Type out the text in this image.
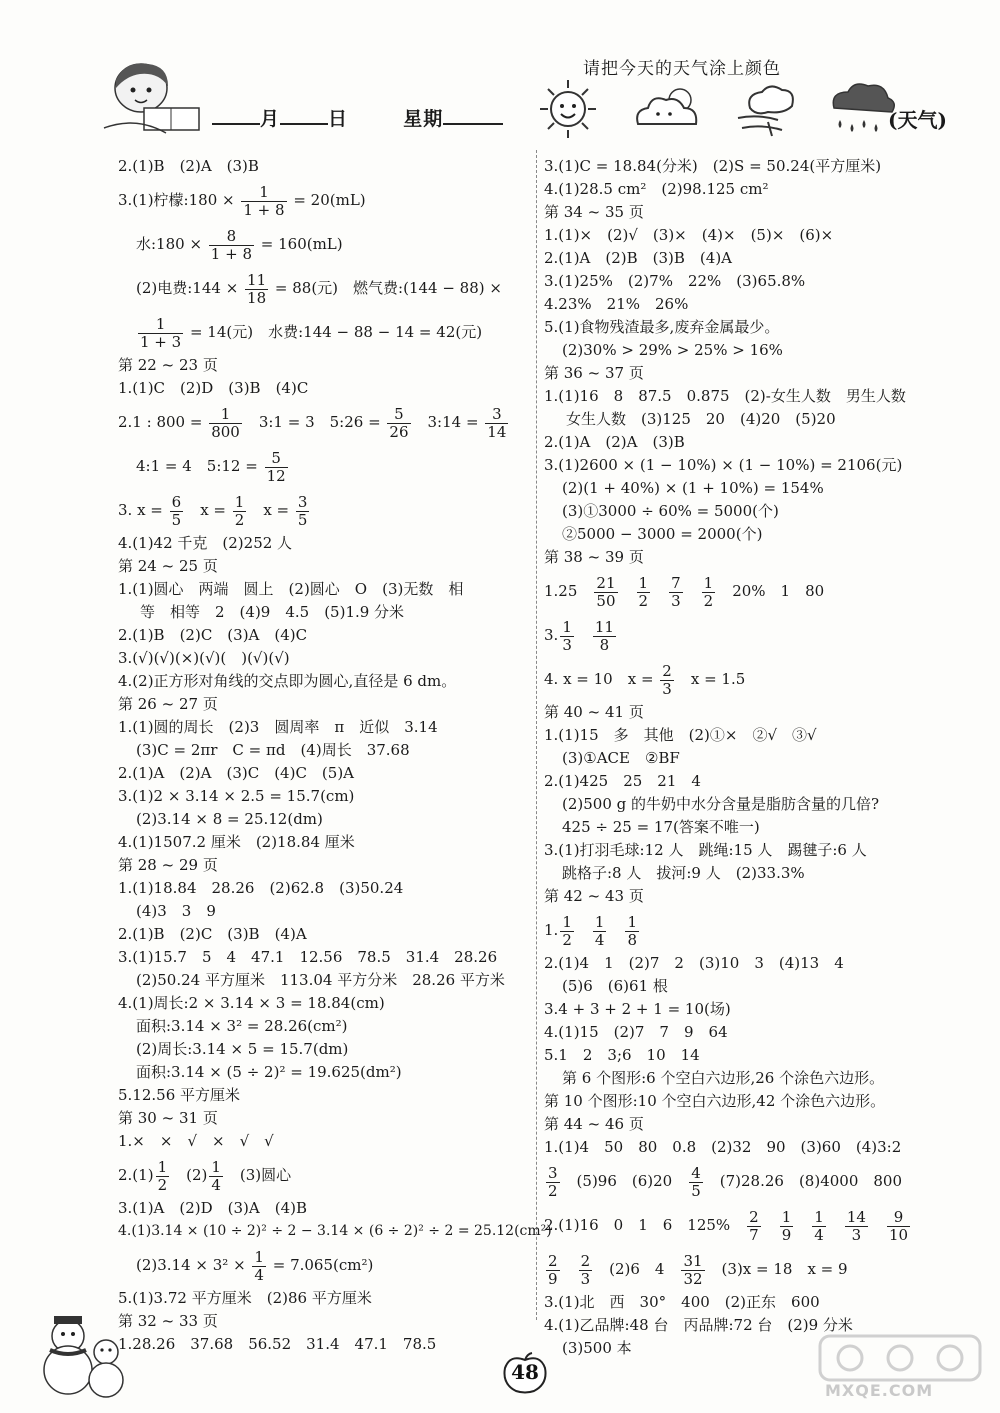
请把今天的天气涂上颜色
月	日	星期	(天气)
2.(1)B　(2)A　(3)B
3.(1)柠檬:180 × $\frac{1}{1 + 8} = 20(mL)$
水:180 × $\frac{8}{1 + 8} = 160(mL)$
(2)电费:144 × $\frac{11}{18} = 88$(元)　燃气费:(144 − 88) ×
$\frac{1}{1 + 3} = 14$(元)　水费:144 − 88 − 14 = 42(元)
第 22 ~ 23 页
1.(1)C　(2)D　(3)B　(4)C
2.1 : $800 = \frac{1}{800}$ 　3:1 = 3　5:26 = $\frac{5}{26}$ 　3:14 = $\frac{3}{14}$
4:1 = 4　5:12 = $\frac{5}{12}$
3. $x = \frac{6}{5}$ 　$x = \frac{1}{2}$ 　$x = \frac{3}{5}$
4.(1)42 千克　(2)252 人
第 24 ~ 25 页
1.(1)圆心　两端　圆上　(2)圆心　O　(3)无数　相
等　相等　2　(4)9　4.5　(5)1.9 分米
2.(1)B　(2)C　(3)A　(4)C
3.(√)(√)(×)(√)(　)(√)(√)
4.(2)正方形对角线的交点即为圆心,直径是 6 dm。
第 26 ~ 27 页
1.(1)圆的周长　(2)3　圆周率　π　近似　3.14
(3)C = 2πr　C = πd　(4)周长　37.68
2.(1)A　(2)A　(3)C　(4)C　(5)A
3.(1)2 × 3.14 × 2.5 = 15.7(cm)
(2)3.14 × 8 = 25.12(dm)
4.(1)1507.2 厘米　(2)18.84 厘米
第 28 ~ 29 页
1.(1)18.84　28.26　(2)62.8　(3)50.24
(4)3　3　9
2.(1)B　(2)C　(3)B　(4)A
3.(1)15.7　5　4　47.1　12.56　78.5　31.4　28.26
(2)50.24 平方厘米　113.04 平方分米　28.26 平方米
4.(1)周长:2 × 3.14 × 3 = 18.84(cm)
面积:3.14 × 3² = 28.26(cm²)
(2)周长:3.14 × 5 = 15.7(dm)
面积:3.14 × (5 ÷ 2)² = 19.625(dm²)
5.12.56 平方厘米
第 30 ~ 31 页
1.×　×　√　×　√　√
$2.(1) \frac{1}{2}$ 　$(2) \frac{1}{4}$ 　(3)圆心
3.(1)A　(2)D　(3)A　(4)B
4.(1)3.14 × (10 ÷ 2)² ÷ 2 − 3.14 × (6 ÷ 2)² ÷ 2 = 25.12(cm²)
$(2)3.14 \times 3^2 \times \frac{1}{4} = 7.065(cm^2)$
5.(1)3.72 平方厘米　(2)86 平方厘米
第 32 ~ 33 页
1.28.26　37.68　56.52　31.4　47.1　78.5
3.(1)C = 18.84(分米)　(2)S = 50.24(平方厘米)
4.(1)28.5 cm²　(2)98.125 cm²
第 34 ~ 35 页
1.(1)×　(2)√　(3)×　(4)×　(5)×　(6)×
2.(1)A　(2)B　(3)B　(4)A
3.(1)25%　(2)7%　22%　(3)65.8%
4.23%　21%　26%
5.(1)食物残渣最多,废弃金属最少。
(2)30% > 29% > 25% > 16%
第 36 ~ 37 页
1.(1)16　8　87.5　0.875　(2)-女生人数　男生人数
女生人数　(3)125　20　(4)20　(5)20
2.(1)A　(2)A　(3)B
3.(1)2600 × (1 − 10%) × (1 − 10%) = 2106(元)
(2)(1 + 40%) × (1 + 10%) = 154%
(3)①3000 ÷ 60% = 5000(个)
②5000 − 3000 = 2000(个)
第 38 ~ 39 页
1.25　 $\frac{21}{50}$
　 $\frac{1}{2}$
　 $\frac{7}{3}$
　 $\frac{1}{2}$ 　20%　1　80
3. $\frac{1}{3}$
　 $\frac{11}{8}$
4. x = 10　$x = \frac{2}{3}$ 　x = 1.5
第 40 ~ 41 页
1.(1)15　多　其他　(2)①×　②√　③√
(3)①ACE　②BF
2.(1)425　25　21　4
(2)500 g 的牛奶中水分含量是脂肪含量的几倍?
425 ÷ 25 = 17(答案不唯一)
3.(1)打羽毛球:12 人　跳绳:15 人　踢毽子:6 人
跳格子:8 人　拔河:9 人　(2)33.3%
第 42 ~ 43 页
1. $\frac{1}{2}$
　 $\frac{1}{4}$
　 $\frac{1}{8}$
2.(1)4　1　(2)7　2　(3)10　3　(4)13　4
(5)6　(6)61 根
3.4 + 3 + 2 + 1 = 10(场)
4.(1)15　(2)7　7　9　64
5.1　2　3;6　10　14
第 6 个图形:6 个空白六边形,26 个涂色六边形。
第 10 个图形:10 个空白六边形,42 个涂色六边形。
第 44 ~ 46 页
1.(1)4　50　80　0.8　(2)32　90　(3)60　(4)3:2
$\frac{3}{2}$ 　(5)96　(6)20　 $\frac{4}{5}$ 　(7)28.26　(8)4000　800
2.(1)16　0　1　6　125%　 $\frac{2}{7}$
　 $\frac{1}{9}$
　 $\frac{1}{4}$
　 $\frac{14}{3}$
　 $\frac{9}{10}$
$\frac{2}{9}$
　 $\frac{2}{3}$ 　(2)6　4　 $\frac{31}{32}$ 　(3)x = 18　x = 9
3.(1)北　西　30°　400　(2)正东　600
4.(1)乙品牌:48 台　丙品牌:72 台　(2)9 分米
(3)500 本
48
MXQE.COM
